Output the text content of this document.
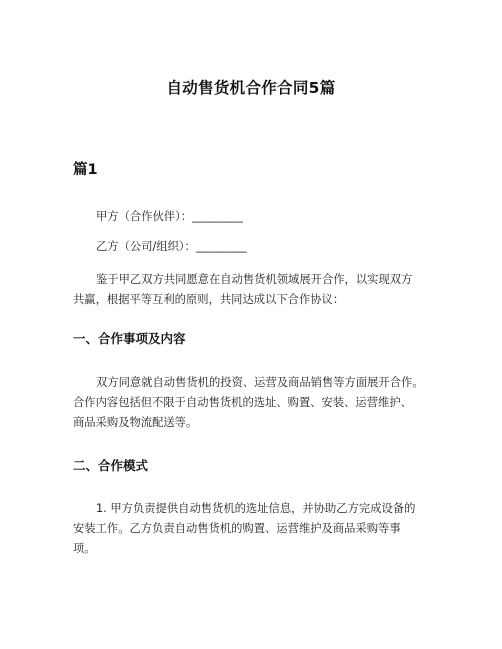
自动售货机合作合同5篇
篇1
甲方（合作伙伴）：_________
乙方（公司/组织）：_________
鉴于甲乙双方共同愿意在自动售货机领域展开合作，以实现双方
共赢，根据平等互利的原则，共同达成以下合作协议：
一、合作事项及内容
双方同意就自动售货机的投资、运营及商品销售等方面展开合作。
合作内容包括但不限于自动售货机的选址、购置、安装、运营维护、
商品采购及物流配送等。
二、合作模式
1. 甲方负责提供自动售货机的选址信息，并协助乙方完成设备的
安装工作。乙方负责自动售货机的购置、运营维护及商品采购等事
项。
